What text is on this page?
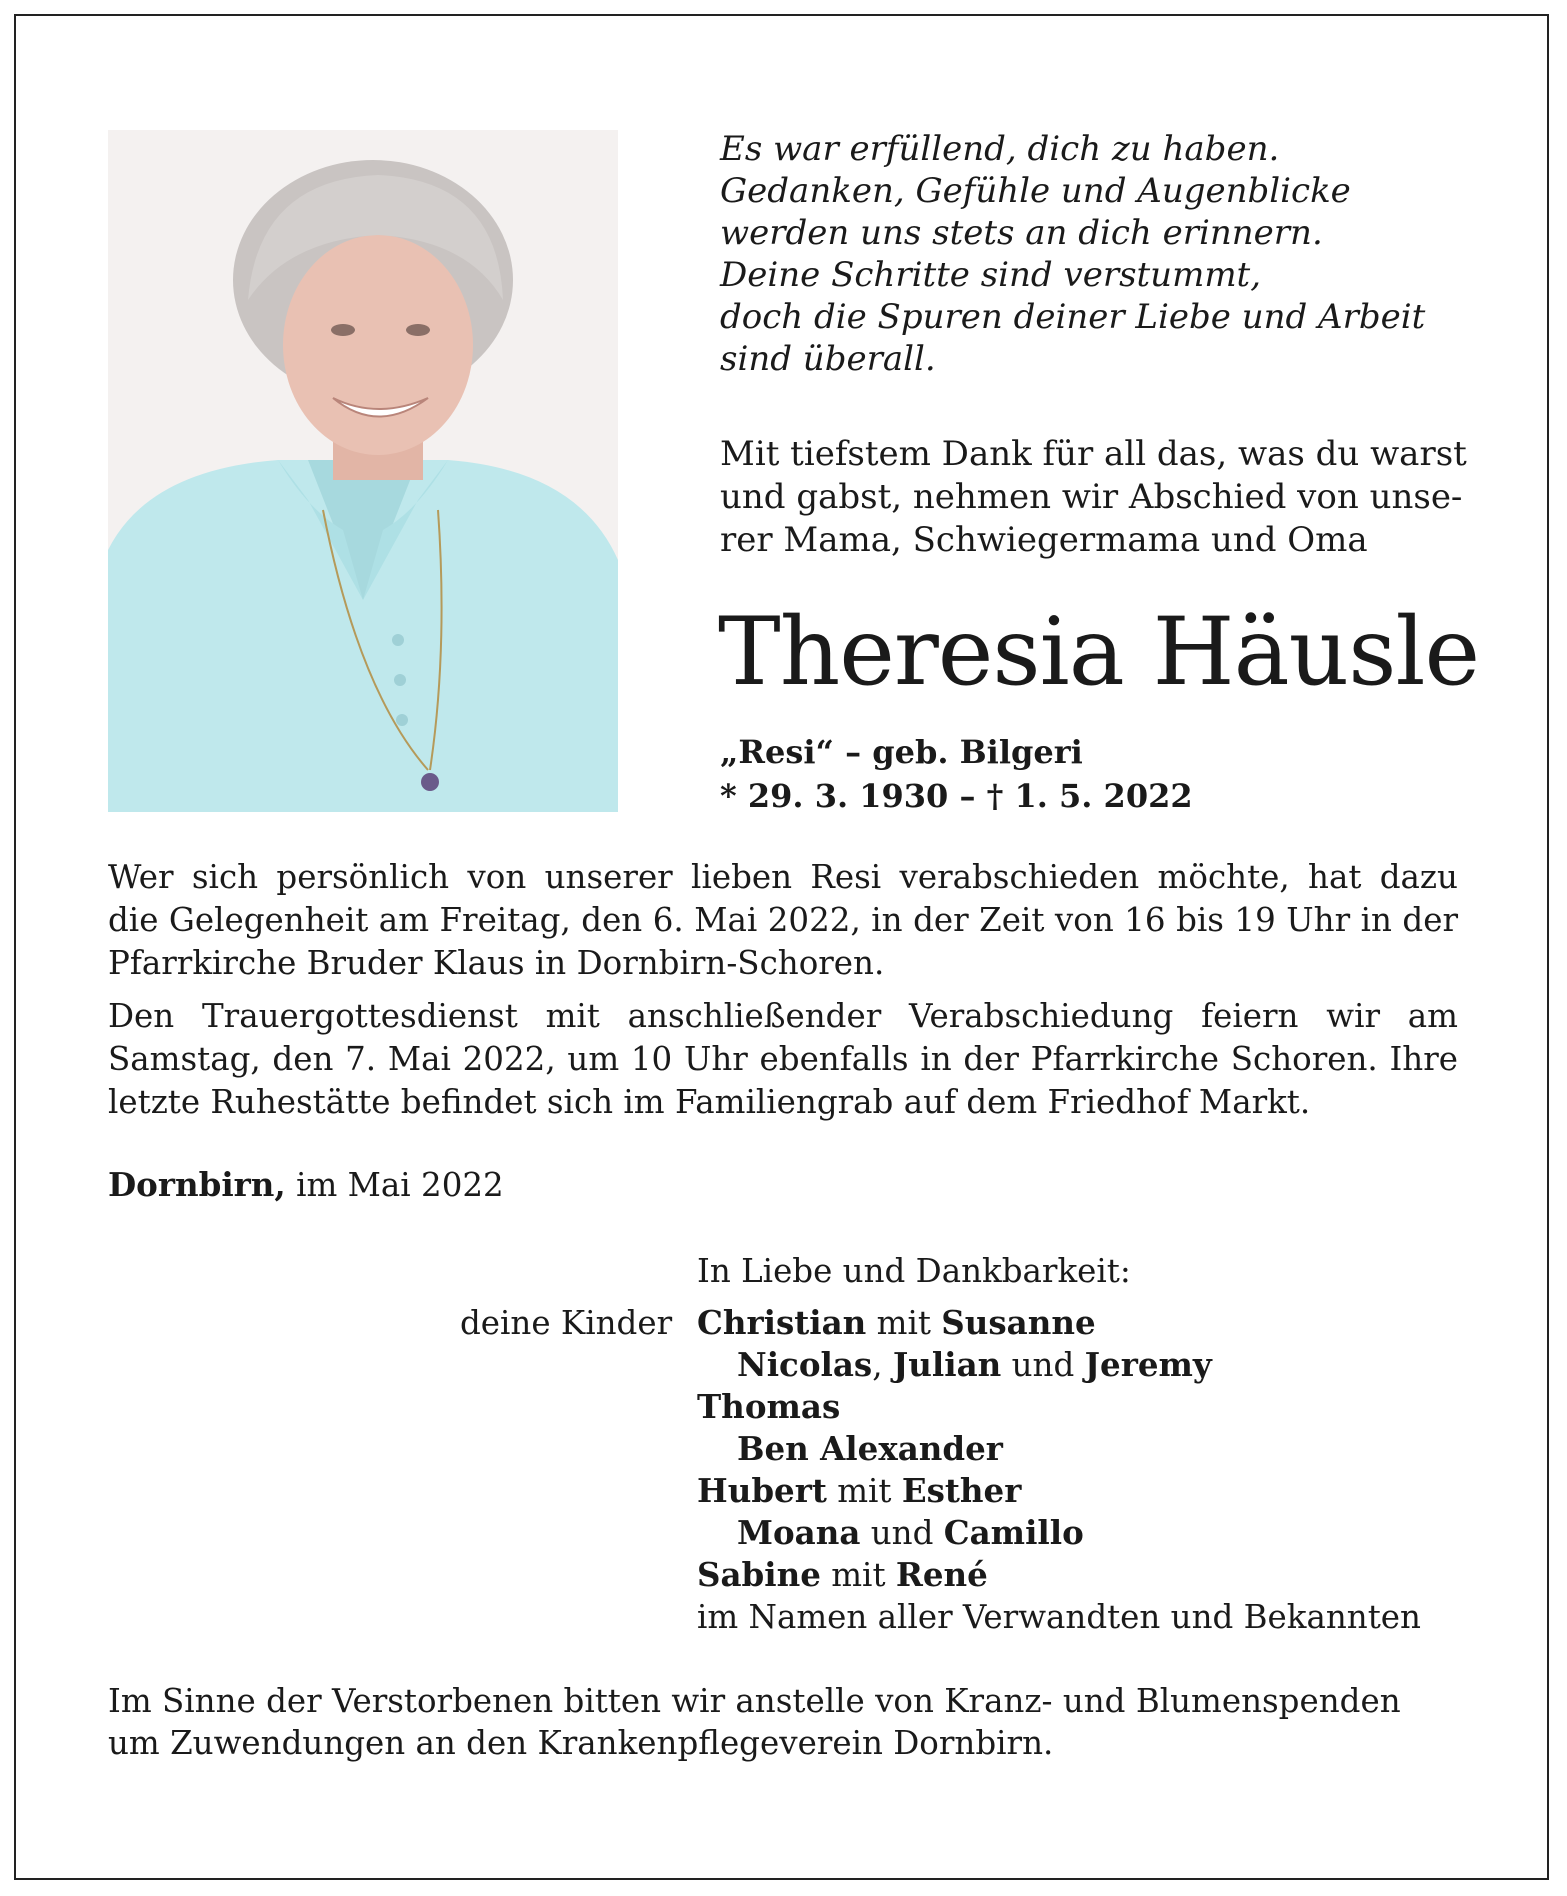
Es war erfüllend, dich zu haben.
Gedanken, Gefühle und Augenblicke
werden uns stets an dich erinnern.
Deine Schritte sind verstummt,
doch die Spuren deiner Liebe und Arbeit
sind überall.
Mit tiefstem Dank für all das, was du warst
und gabst, nehmen wir Abschied von unse-
rer Mama, Schwiegermama und Oma
Theresia Häusle
„Resi“ – geb. Bilgeri
* 29. 3. 1930 – † 1. 5. 2022
Wer sich persönlich von unserer lieben Resi verabschieden möchte, hat dazu
die Gelegenheit am Freitag, den 6. Mai 2022, in der Zeit von 16 bis 19 Uhr in der
Pfarrkirche Bruder Klaus in Dornbirn-Schoren.
Den Trauergottesdienst mit anschließender Verabschiedung feiern wir am
Samstag, den 7. Mai 2022, um 10 Uhr ebenfalls in der Pfarrkirche Schoren. Ihre
letzte Ruhestätte befindet sich im Familiengrab auf dem Friedhof Markt.
Dornbirn, im Mai 2022
In Liebe und Dankbarkeit:
deine Kinder Christian mit Susanne
Nicolas, Julian und Jeremy
Thomas
Ben Alexander
Hubert mit Esther
Moana und Camillo
Sabine mit René
im Namen aller Verwandten und Bekannten
Im Sinne der Verstorbenen bitten wir anstelle von Kranz- und Blumenspenden
um Zuwendungen an den Krankenpflegeverein Dornbirn.
